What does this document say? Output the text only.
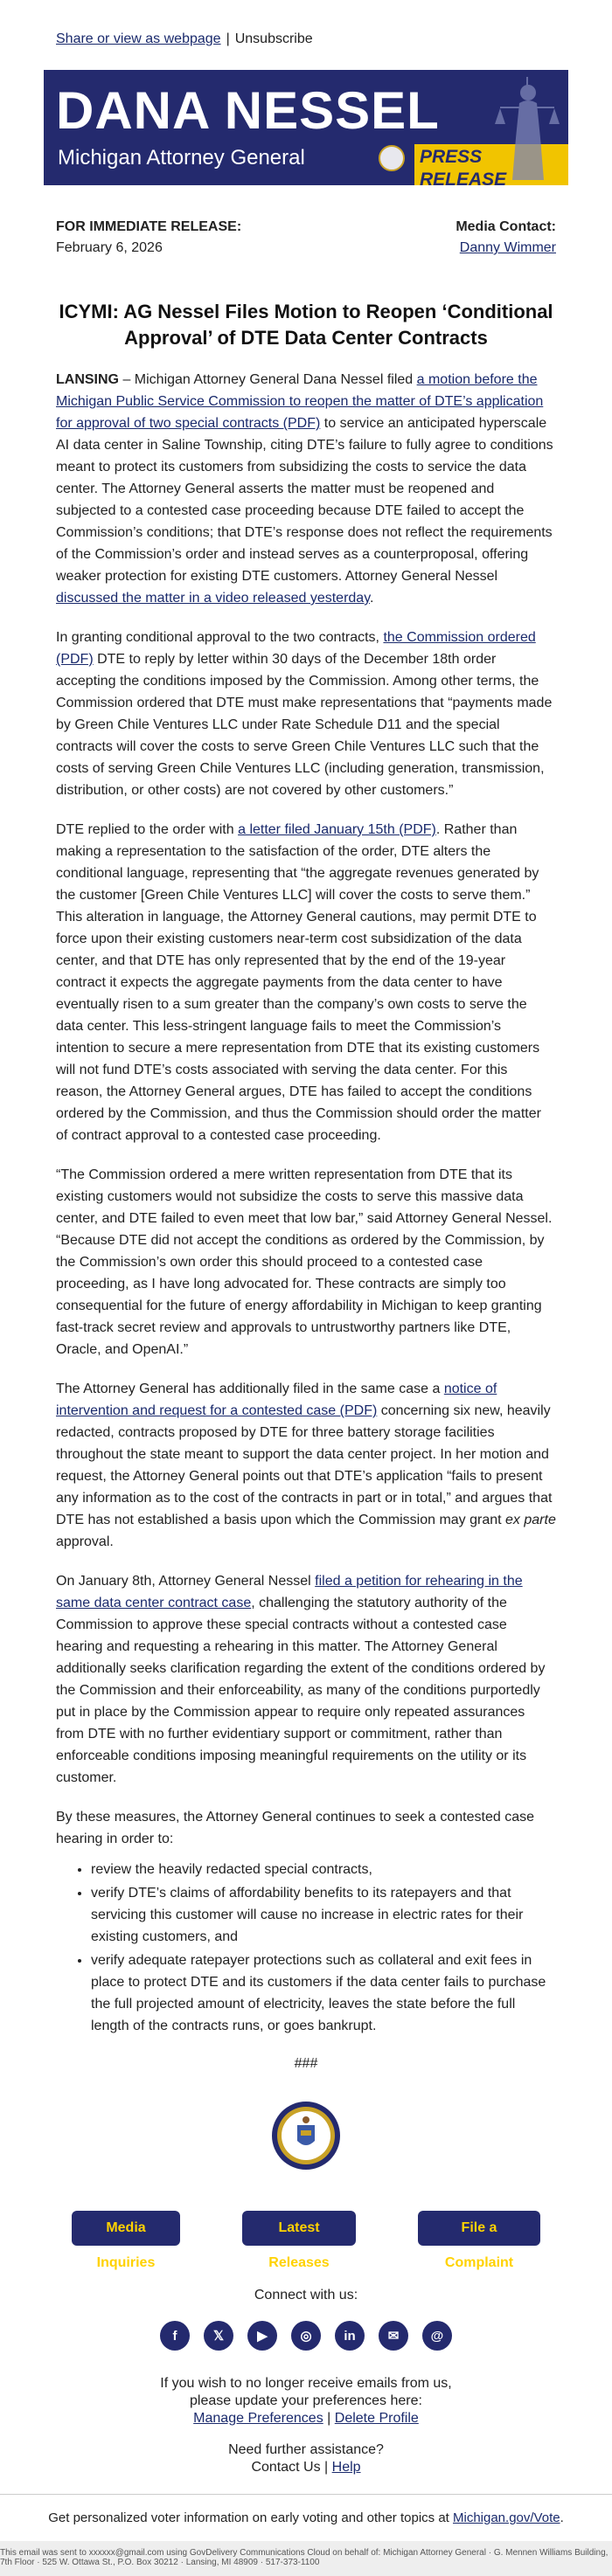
Share or view as webpage | Unsubscribe
DANA NESSEL
Michigan Attorney General	PRESS RELEASE
FOR IMMEDIATE RELEASE:
February 6, 2026
Media Contact:
Danny Wimmer
ICYMI: AG Nessel Files Motion to Reopen ‘Conditional Approval’ of DTE Data Center Contracts

LANSING – Michigan Attorney General Dana Nessel filed a motion before the Michigan Public Service Commission to reopen the matter of DTE’s application for approval of two special contracts (PDF) to service an anticipated hyperscale AI data center in Saline Township, citing DTE’s failure to fully agree to conditions meant to protect its customers from subsidizing the costs to service the data center. The Attorney General asserts the matter must be reopened and subjected to a contested case proceeding because DTE failed to accept the Commission’s conditions; that DTE’s response does not reflect the requirements of the Commission’s order and instead serves as a counterproposal, offering weaker protection for existing DTE customers. Attorney General Nessel discussed the matter in a video released yesterday.

In granting conditional approval to the two contracts, the Commission ordered (PDF) DTE to reply by letter within 30 days of the December 18th order accepting the conditions imposed by the Commission. Among other terms, the Commission ordered that DTE must make representations that “payments made by Green Chile Ventures LLC under Rate Schedule D11 and the special contracts will cover the costs to serve Green Chile Ventures LLC such that the costs of serving Green Chile Ventures LLC (including generation, transmission, distribution, or other costs) are not covered by other customers.”

DTE replied to the order with a letter filed January 15th (PDF). Rather than making a representation to the satisfaction of the order, DTE alters the conditional language, representing that “the aggregate revenues generated by the customer [Green Chile Ventures LLC] will cover the costs to serve them.” This alteration in language, the Attorney General cautions, may permit DTE to force upon their existing customers near-term cost subsidization of the data center, and that DTE has only represented that by the end of the 19-year contract it expects the aggregate payments from the data center to have eventually risen to a sum greater than the company’s own costs to serve the data center. This less-stringent language fails to meet the Commission’s intention to secure a mere representation from DTE that its existing customers will not fund DTE’s costs associated with serving the data center. For this reason, the Attorney General argues, DTE has failed to accept the conditions ordered by the Commission, and thus the Commission should order the matter of contract approval to a contested case proceeding.

“The Commission ordered a mere written representation from DTE that its existing customers would not subsidize the costs to serve this massive data center, and DTE failed to even meet that low bar,” said Attorney General Nessel. “Because DTE did not accept the conditions as ordered by the Commission, by the Commission’s own order this should proceed to a contested case proceeding, as I have long advocated for. These contracts are simply too consequential for the future of energy affordability in Michigan to keep granting fast-track secret review and approvals to untrustworthy partners like DTE, Oracle, and OpenAI.”

The Attorney General has additionally filed in the same case a notice of intervention and request for a contested case (PDF) concerning six new, heavily redacted, contracts proposed by DTE for three battery storage facilities throughout the state meant to support the data center project. In her motion and request, the Attorney General points out that DTE’s application “fails to present any information as to the cost of the contracts in part or in total,” and argues that DTE has not established a basis upon which the Commission may grant ex parte approval.

On January 8th, Attorney General Nessel filed a petition for rehearing in the same data center contract case, challenging the statutory authority of the Commission to approve these special contracts without a contested case hearing and requesting a rehearing in this matter. The Attorney General additionally seeks clarification regarding the extent of the conditions ordered by the Commission and their enforceability, as many of the conditions purportedly put in place by the Commission appear to require only repeated assurances from DTE with no further evidentiary support or commitment, rather than enforceable conditions imposing meaningful requirements on the utility or its customer.

By these measures, the Attorney General continues to seek a contested case hearing in order to:

• review the heavily redacted special contracts,
• verify DTE’s claims of affordability benefits to its ratepayers and that servicing this customer will cause no increase in electric rates for their existing customers, and
• verify adequate ratepayer protections such as collateral and exit fees in place to protect DTE and its customers if the data center fails to purchase the full projected amount of electricity, leaves the state before the full length of the contracts runs, or goes bankrupt.
###
Media Inquiries
Latest Releases
File a Complaint
Connect with us:
f	𝕏	▶	◎	in	✉	@
If you wish to no longer receive emails from us,
please update your preferences here:
Manage Preferences | Delete Profile
Need further assistance?
Contact Us | Help
Get personalized voter information on early voting and other topics at Michigan.gov/Vote.

This email was sent to xxxxxx@gmail.com using GovDelivery Communications Cloud on behalf of: Michigan Attorney General · G. Mennen Williams Building,

7th Floor · 525 W. Ottawa St., P.O. Box 30212 · Lansing, MI 48909 · 517-373-1100
